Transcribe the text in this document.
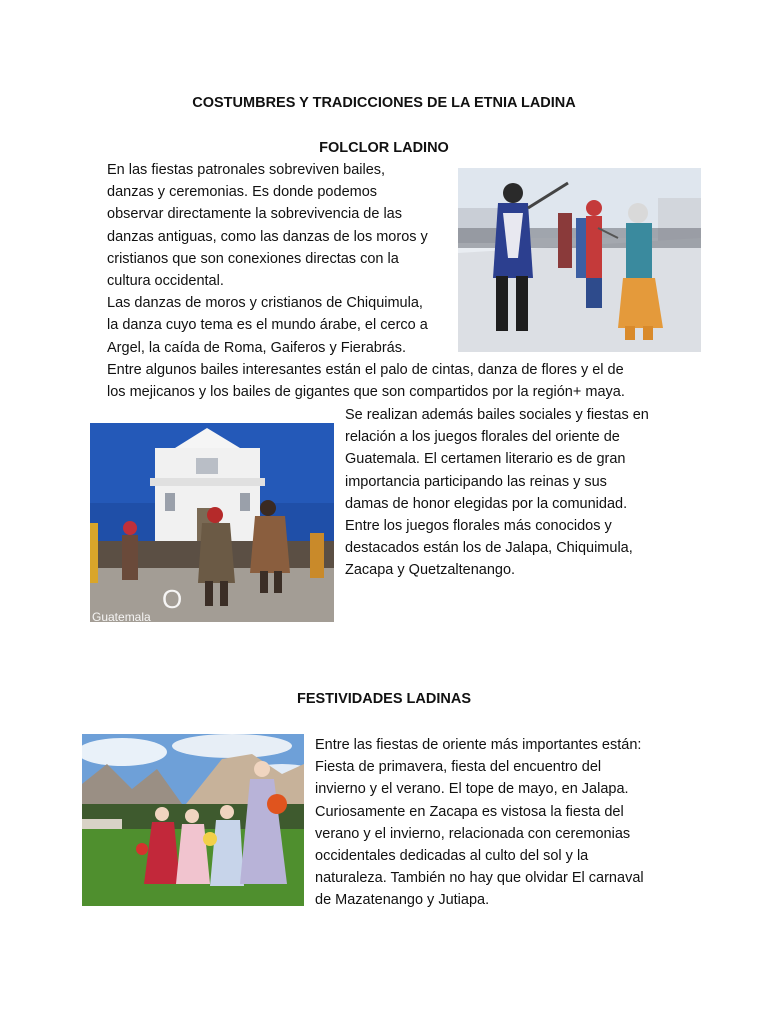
COSTUMBRES Y TRADICCIONES DE LA ETNIA LADINA
FOLCLOR LADINO
En las fiestas patronales sobreviven bailes,
danzas y ceremonias. Es donde podemos
observar directamente la sobrevivencia de las
danzas antiguas, como las danzas de los moros y
cristianos que son conexiones directas con la
cultura occidental.
Las danzas de moros y cristianos de Chiquimula,
la danza cuyo tema es el mundo árabe, el cerco a
Argel, la caída de Roma, Gaiferos y Fierabrás.
Entre algunos bailes interesantes están el palo de cintas, danza de flores y el de
los mejicanos y los bailes de gigantes que son compartidos por la región+ maya.
O
Guatemala
Se realizan además bailes sociales y fiestas en
relación a los juegos florales del oriente de
Guatemala. El certamen literario es de gran
importancia participando las reinas y sus
damas de honor elegidas por la comunidad.
Entre los juegos florales más conocidos y
destacados están los de Jalapa, Chiquimula,
Zacapa y Quetzaltenango.
FESTIVIDADES LADINAS
Entre las fiestas de oriente más importantes están:
Fiesta de primavera, fiesta del encuentro del
invierno y el verano. El tope de mayo, en Jalapa.
Curiosamente en Zacapa es vistosa la fiesta del
verano y el invierno, relacionada con ceremonias
occidentales dedicadas al culto del sol y la
naturaleza. También no hay que olvidar El carnaval
de Mazatenango y Jutiapa.
